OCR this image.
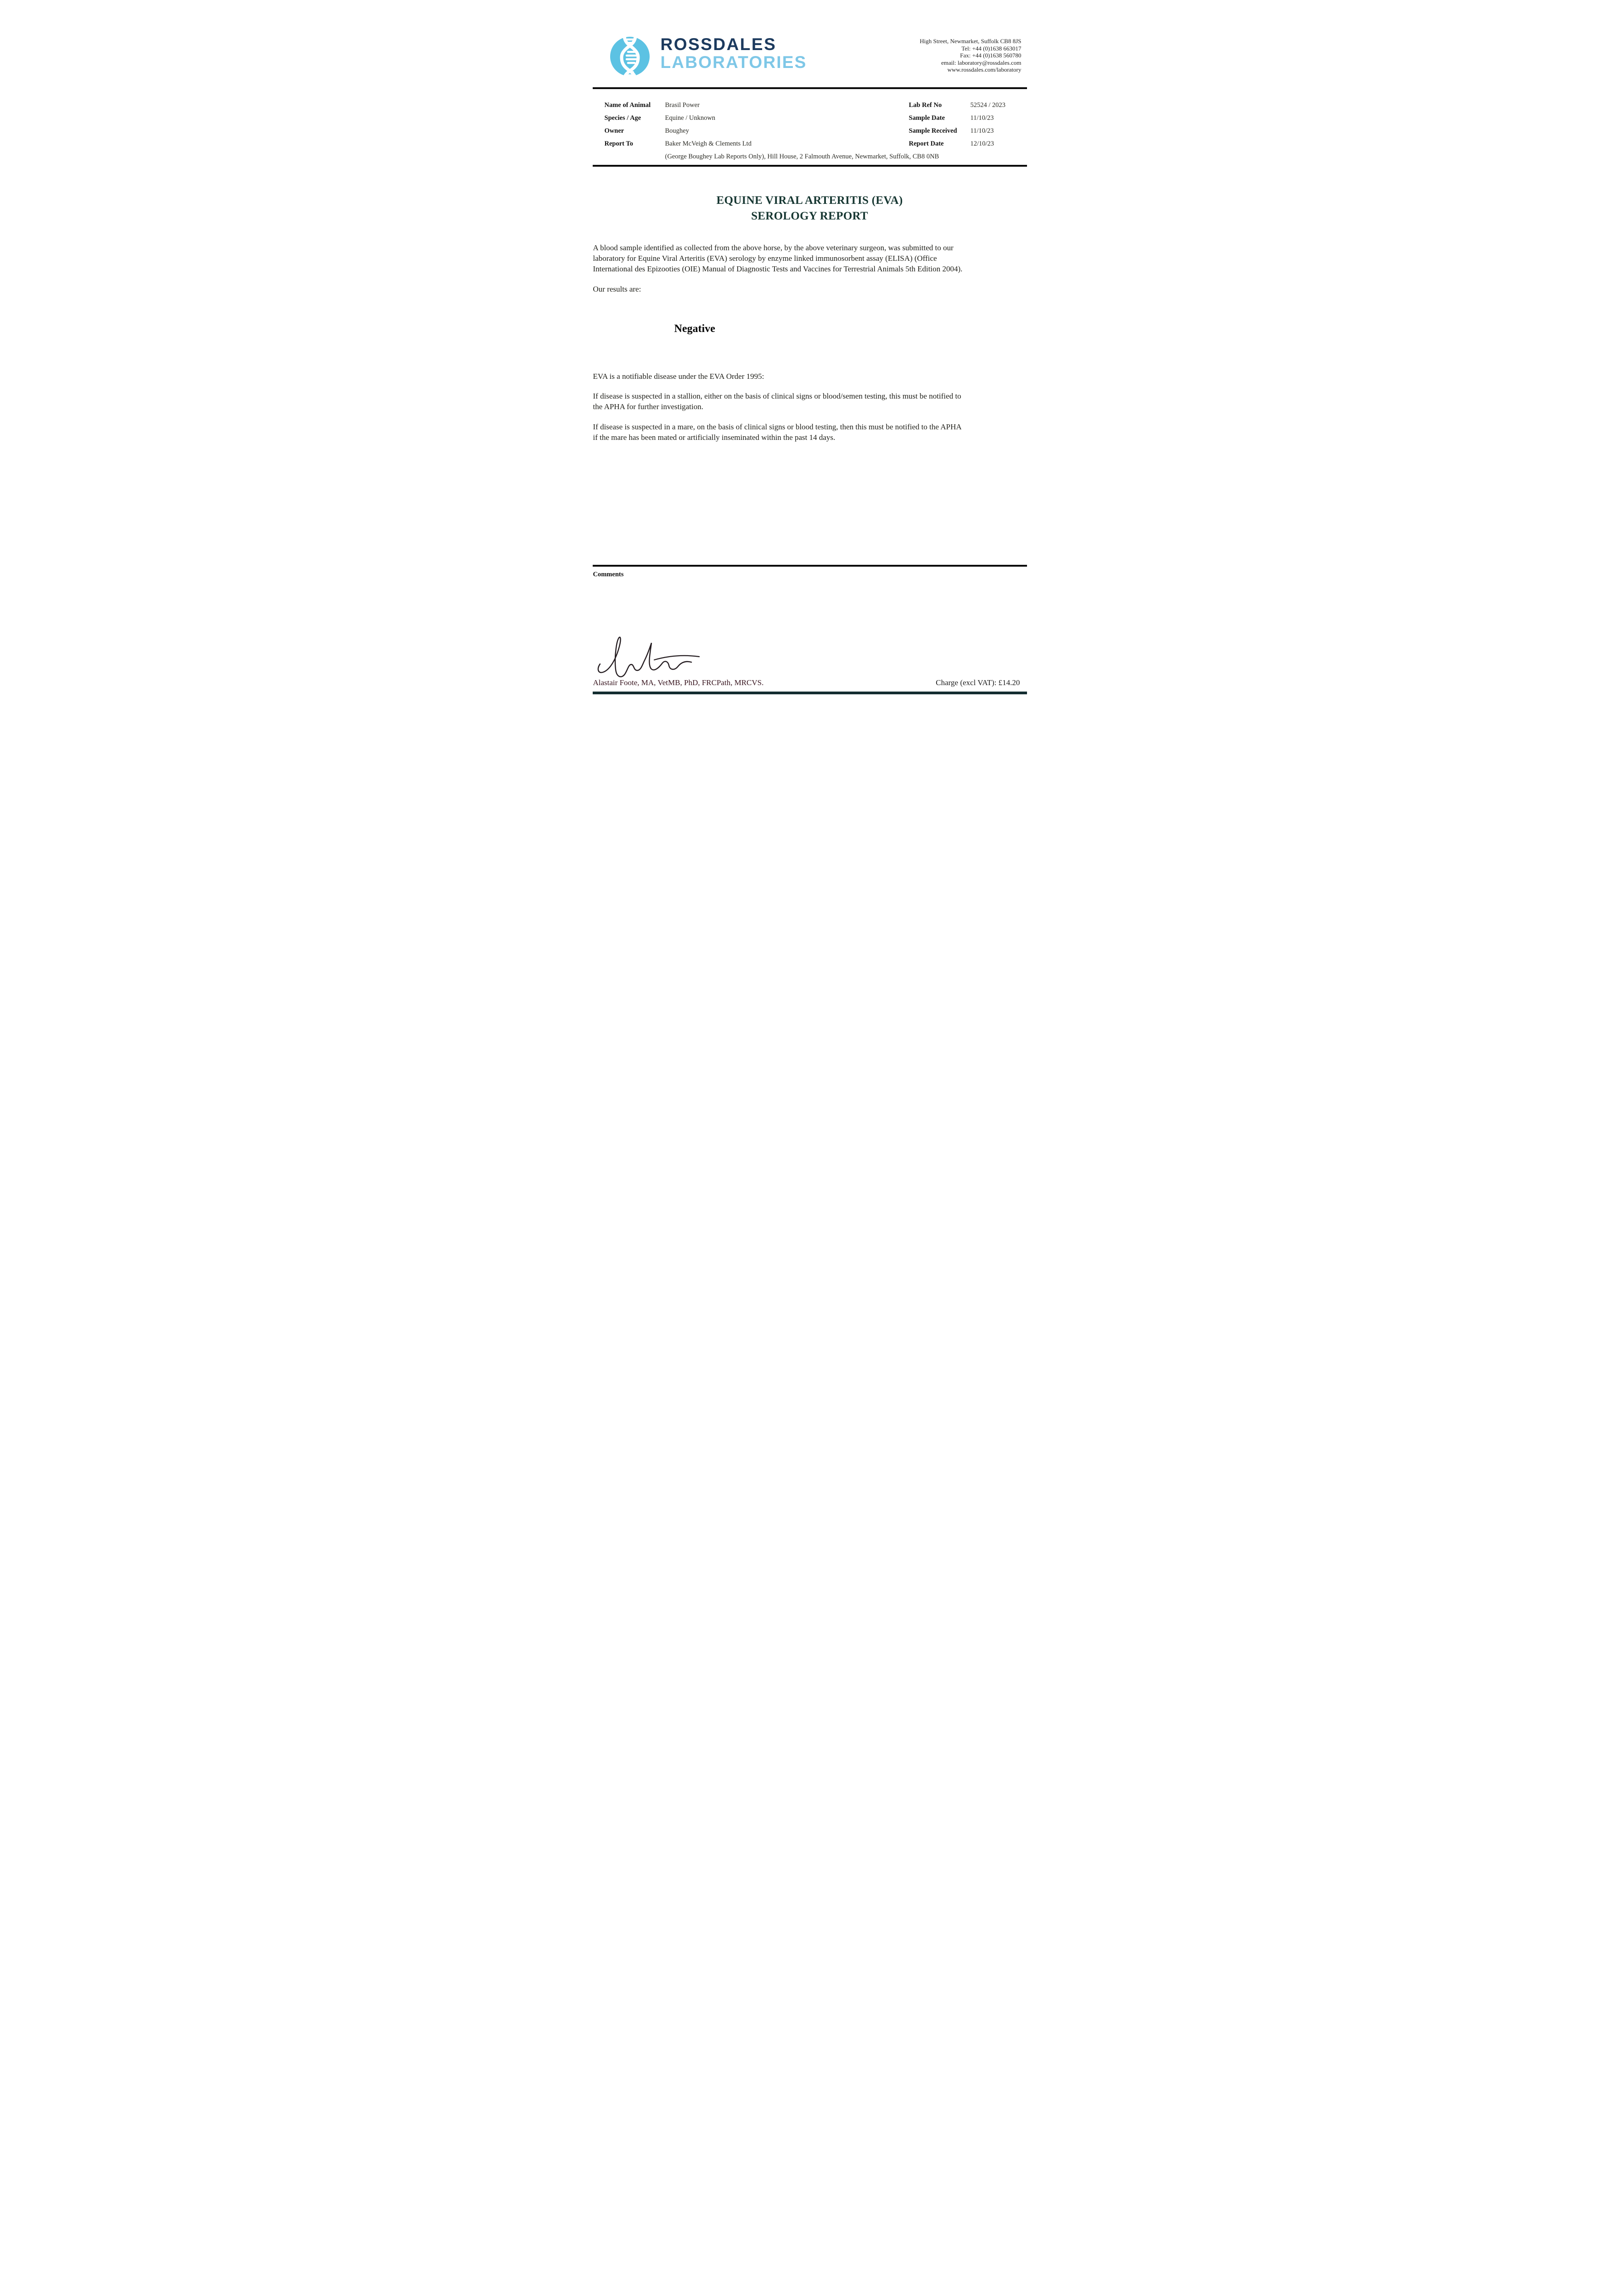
ROSSDALES
LABORATORIES
High Street, Newmarket, Suffolk CB8 8JS
Tel: +44 (0)1638 663017
Fax: +44 (0)1638 560780
email: laboratory@rossdales.com
www.rossdales.com/laboratory
Name of Animal Brasil Power
Species / Age	Equine / Unknown
Owner	Boughey
Report To	Baker McVeigh & Clements Ltd
(George Boughey Lab Reports Only), Hill House, 2 Falmouth Avenue, Newmarket, Suffolk, CB8 0NB
Lab Ref No	52524 / 2023
Sample Date	11/10/23
Sample Received 11/10/23
Report Date	12/10/23
EQUINE VIRAL ARTERITIS (EVA)
SEROLOGY REPORT
A blood sample identified as collected from the above horse, by the above veterinary surgeon, was submitted to our
laboratory for Equine Viral Arteritis (EVA) serology by enzyme linked immunosorbent assay (ELISA) (Office
International des Epizooties (OIE) Manual of Diagnostic Tests and Vaccines for Terrestrial Animals 5th Edition 2004).
Our results are:
Negative
EVA is a notifiable disease under the EVA Order 1995:
If disease is suspected in a stallion, either on the basis of clinical signs or blood/semen testing, this must be notified to
the APHA for further investigation.
If disease is suspected in a mare, on the basis of clinical signs or blood testing, then this must be notified to the APHA
if the mare has been mated or artificially inseminated within the past 14 days.
Comments
Alastair Foote, MA, VetMB, PhD, FRCPath, MRCVS.	Charge (excl VAT): £14.20
